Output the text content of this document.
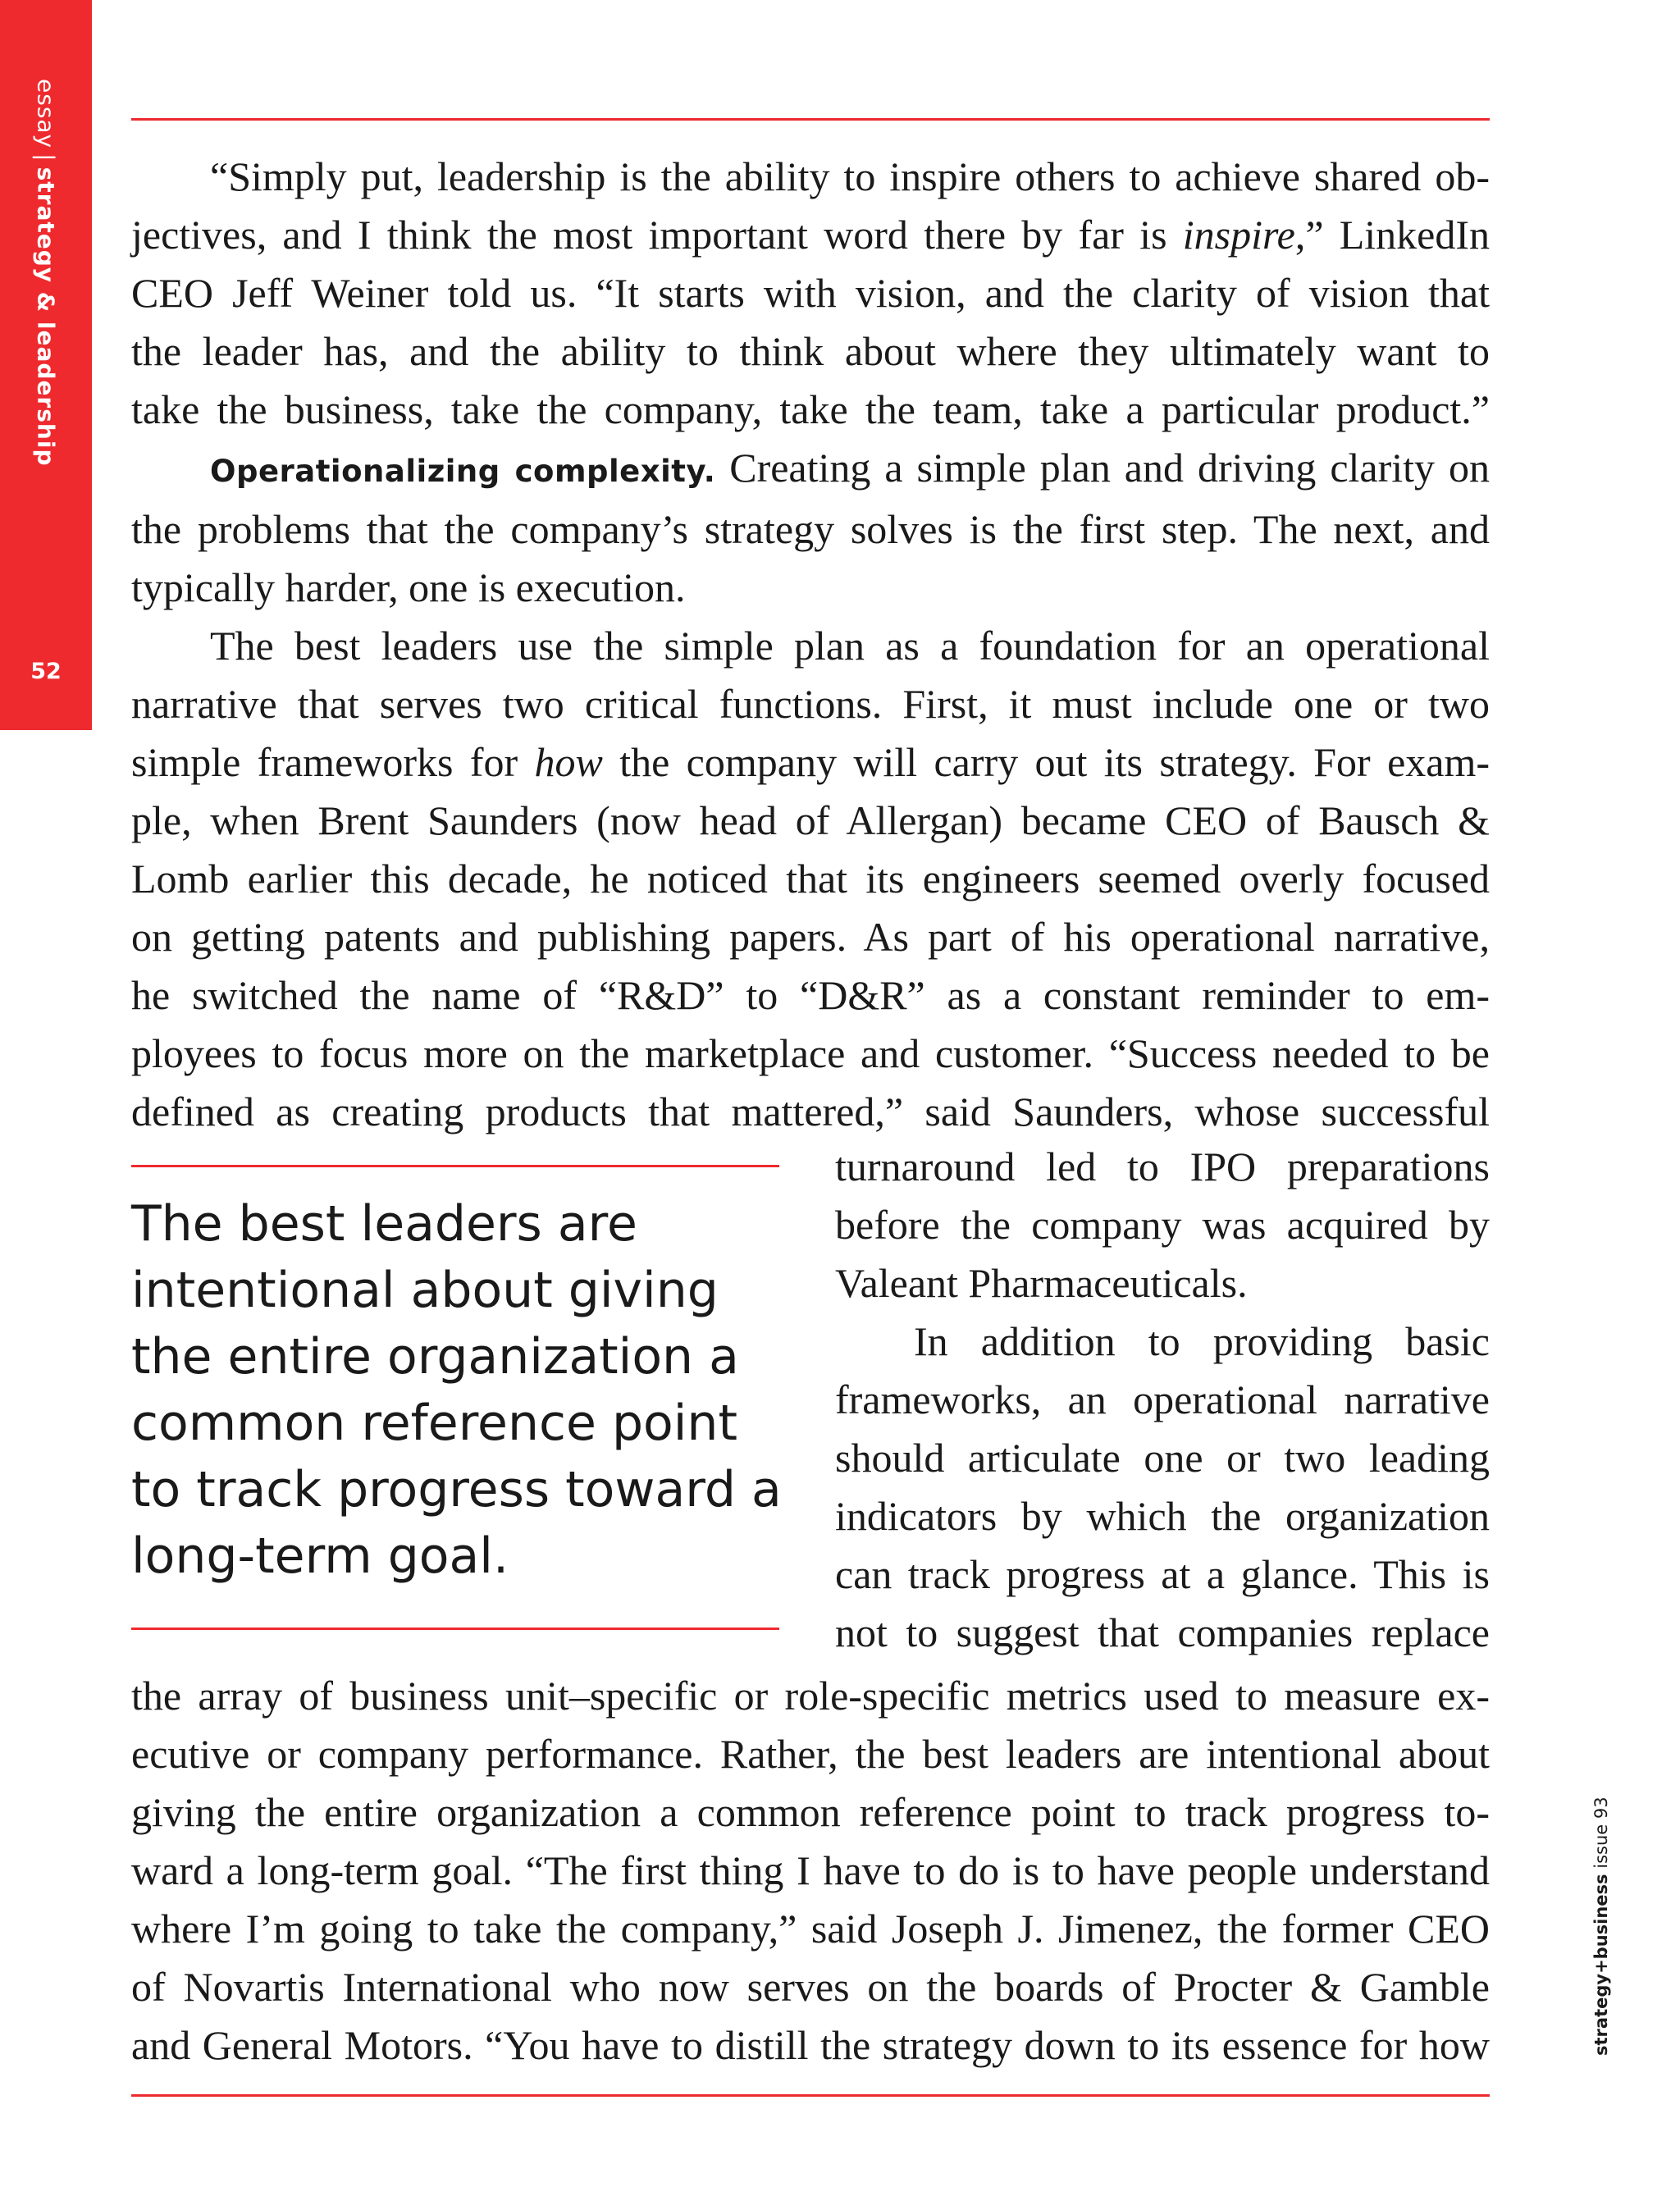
essay|strategy & leadership
52
“Simply put, leadership is the ability to inspire others to achieve shared ob-
jectives, and I think the most important word there by far is inspire,” LinkedIn
CEO Jeff Weiner told us. “It starts with vision, and the clarity of vision that
the leader has, and the ability to think about where they ultimately want to
take the business, take the company, take the team, take a particular product.”
Operationalizing complexity. Creating a simple plan and driving clarity on
the problems that the company’s strategy solves is the first step. The next, and
typically harder, one is execution.
The best leaders use the simple plan as a foundation for an operational
narrative that serves two critical functions. First, it must include one or two
simple frameworks for how the company will carry out its strategy. For exam-
ple, when Brent Saunders (now head of Allergan) became CEO of Bausch &
Lomb earlier this decade, he noticed that its engineers seemed overly focused
on getting patents and publishing papers. As part of his operational narrative,
he switched the name of “R&D” to “D&R” as a constant reminder to em-
ployees to focus more on the marketplace and customer. “Success needed to be
defined as creating products that mattered,” said Saunders, whose successful
The best leaders are
intentional about giving
the entire organization a
common reference point
to track progress toward a
long-term goal.
turnaround led to IPO preparations
before the company was acquired by
Valeant Pharmaceuticals.
In addition to providing basic
frameworks, an operational narrative
should articulate one or two leading
indicators by which the organization
can track progress at a glance. This is
not to suggest that companies replace
the array of business unit–specific or role-specific metrics used to measure ex-
ecutive or company performance. Rather, the best leaders are intentional about
giving the entire organization a common reference point to track progress to-
ward a long-term goal. “The first thing I have to do is to have people understand
where I’m going to take the company,” said Joseph J. Jimenez, the former CEO
of Novartis International who now serves on the boards of Procter & Gamble
and General Motors. “You have to distill the strategy down to its essence for how	strategy+business issue 93
